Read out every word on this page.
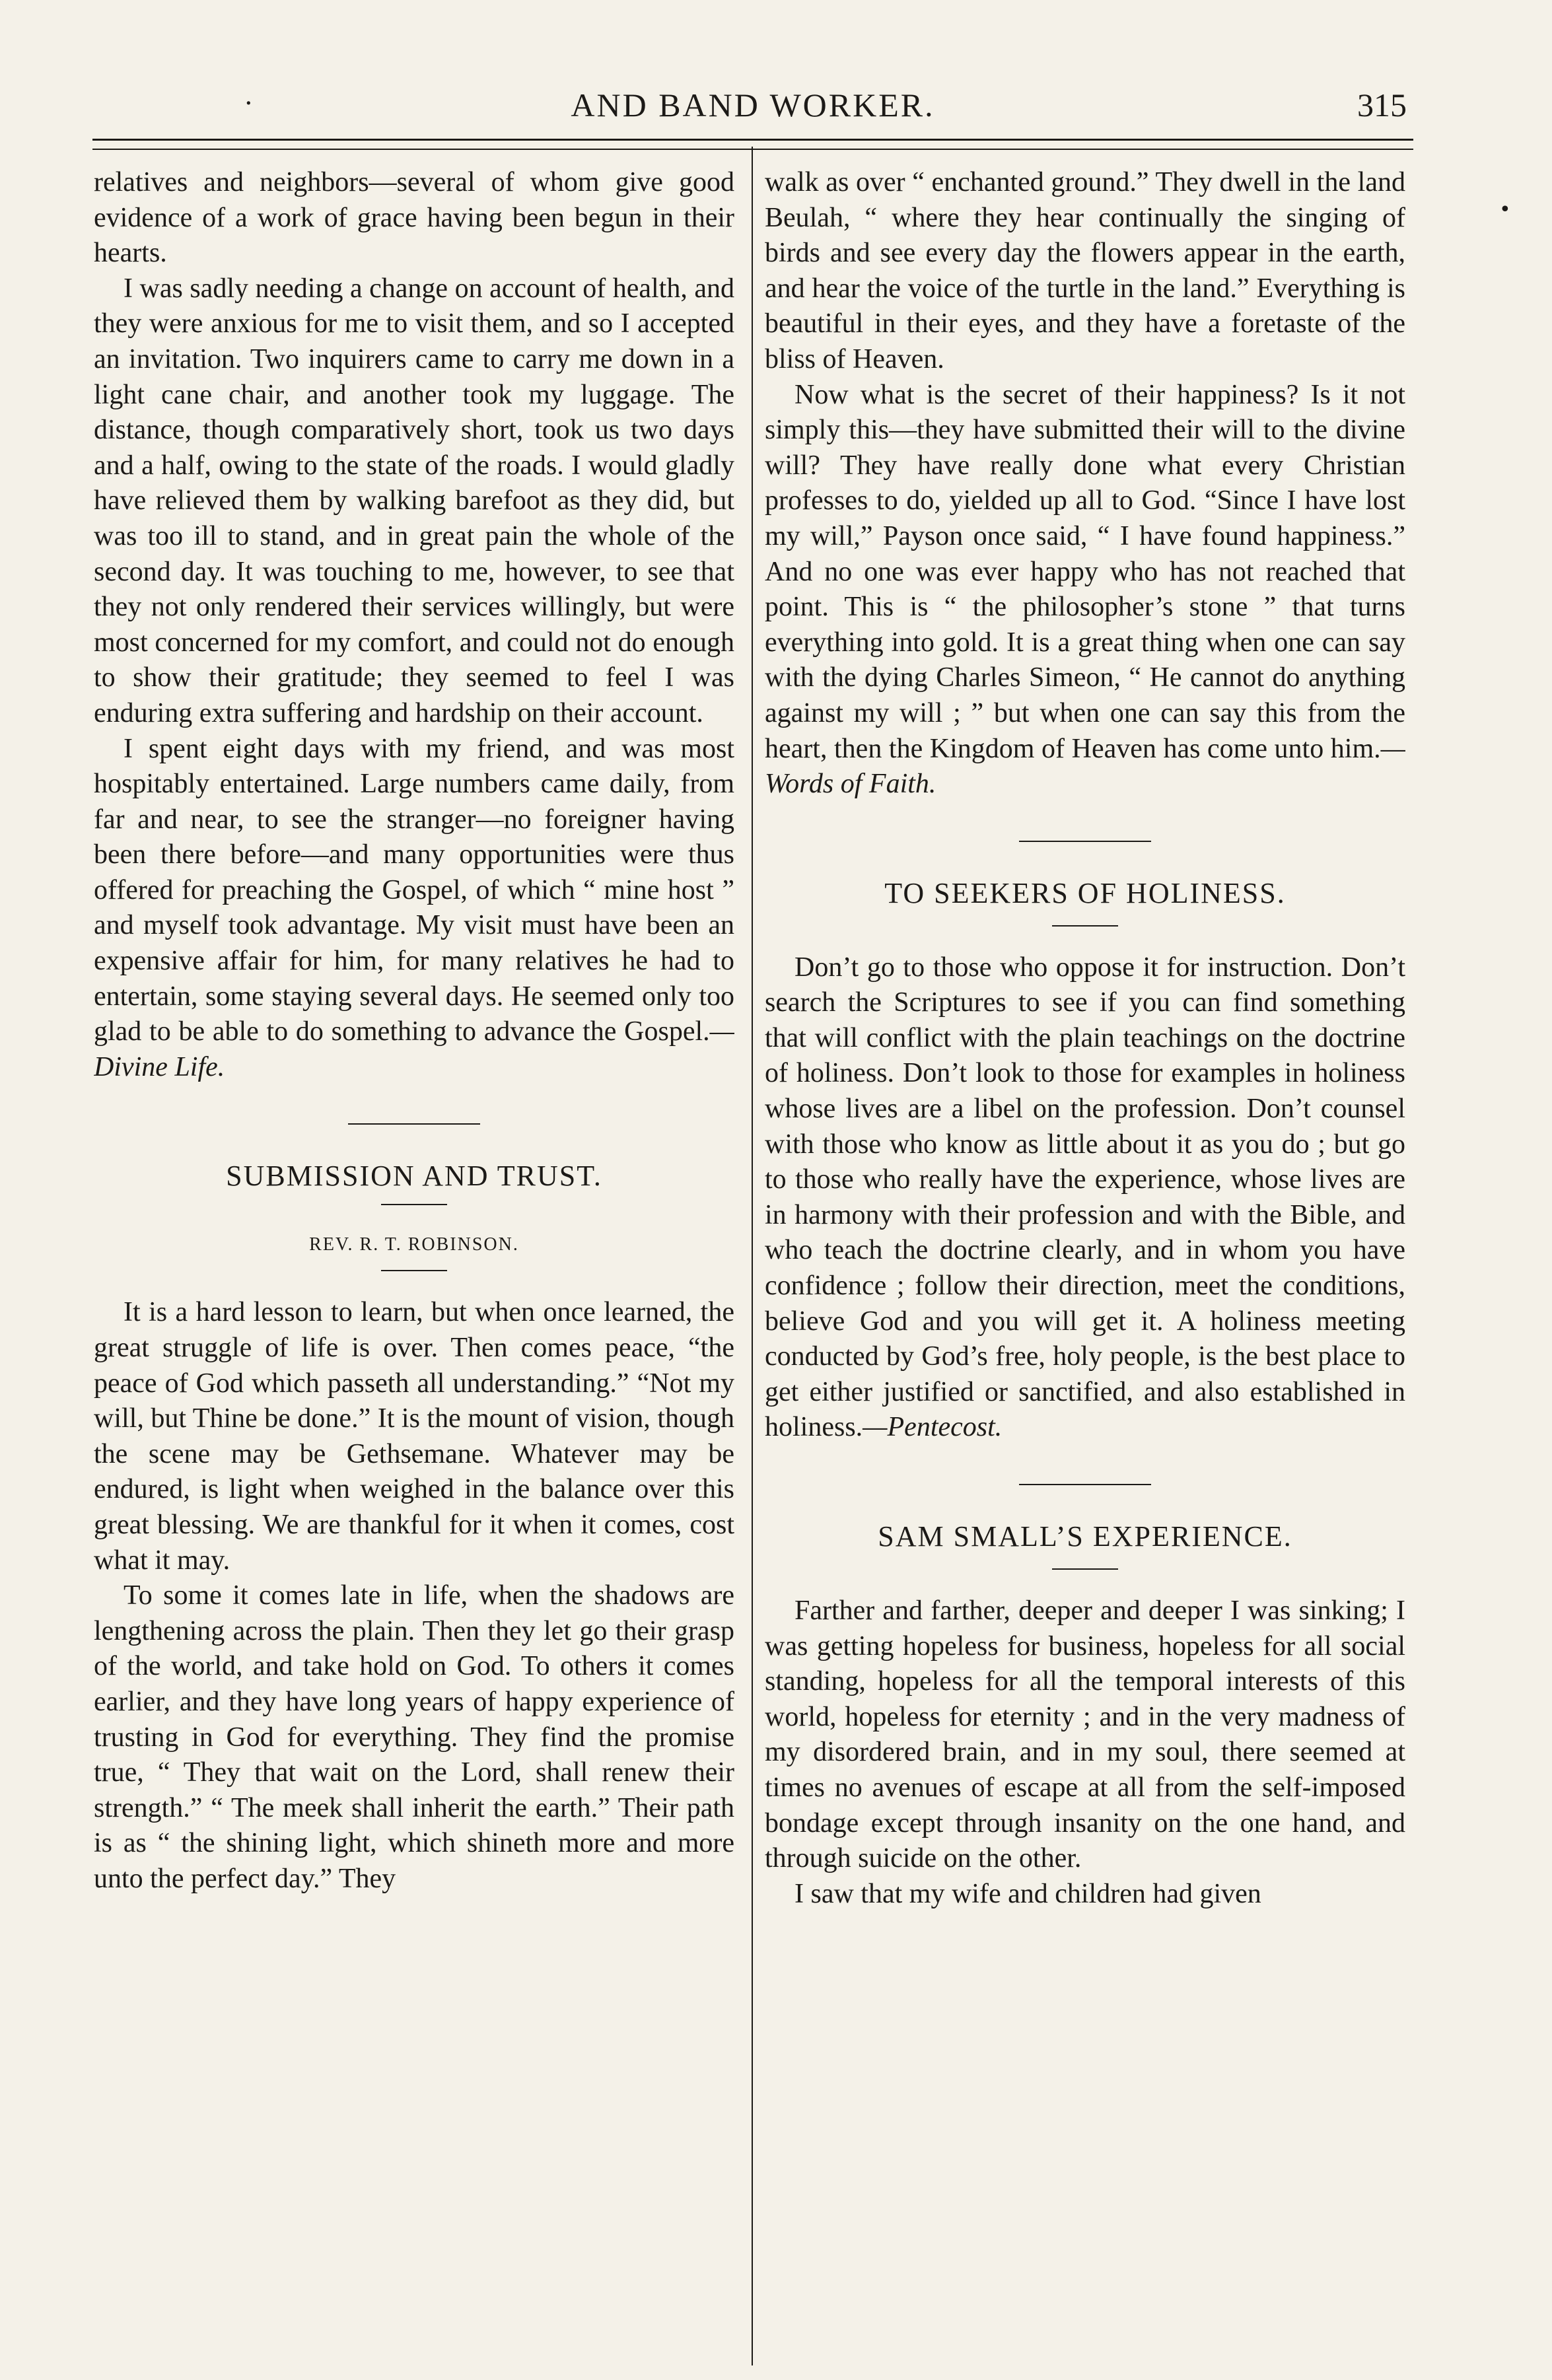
·	AND BAND WORKER.	315
•

relatives and neighbors—several of whom give good evidence of a work of grace having been begun in their hearts.

I was sadly needing a change on account of health, and they were anxious for me to visit them, and so I accepted an invitation. Two inquirers came to carry me down in a light cane chair, and another took my luggage. The distance, though comparatively short, took us two days and a half, owing to the state of the roads. I would gladly have relieved them by walking barefoot as they did, but was too ill to stand, and in great pain the whole of the second day. It was touching to me, however, to see that they not only rendered their services willingly, but were most concerned for my comfort, and could not do enough to show their gratitude; they seemed to feel I was enduring extra suffering and hardship on their account.

I spent eight days with my friend, and was most hospitably entertained. Large numbers came daily, from far and near, to see the stranger—no foreigner having been there before—and many opportunities were thus offered for preaching the Gospel, of which “ mine host ” and myself took advantage. My visit must have been an expensive affair for him, for many relatives he had to entertain, some staying several days. He seemed only too glad to be able to do something to advance the Gospel.—Divine Life.

SUBMISSION AND TRUST.
REV. R. T. ROBINSON.

It is a hard lesson to learn, but when once learned, the great struggle of life is over. Then comes peace, “the peace of God which passeth all understanding.” “Not my will, but Thine be done.” It is the mount of vision, though the scene may be Gethsemane. Whatever may be endured, is light when weighed in the balance over this great blessing. We are thankful for it when it comes, cost what it may.

To some it comes late in life, when the shadows are lengthening across the plain. Then they let go their grasp of the world, and take hold on God. To others it comes earlier, and they have long years of happy experience of trusting in God for everything. They find the promise true, “ They that wait on the Lord, shall renew their strength.” “ The meek shall inherit the earth.” Their path is as “ the shining light, which shineth more and more unto the perfect day.” They

walk as over “ enchanted ground.” They dwell in the land Beulah, “ where they hear continually the singing of birds and see every day the flowers appear in the earth, and hear the voice of the turtle in the land.” Everything is beautiful in their eyes, and they have a foretaste of the bliss of Heaven.

Now what is the secret of their happiness? Is it not simply this—they have submitted their will to the divine will? They have really done what every Christian professes to do, yielded up all to God. “Since I have lost my will,” Payson once said, “ I have found happiness.” And no one was ever happy who has not reached that point. This is “ the philosopher’s stone ” that turns everything into gold. It is a great thing when one can say with the dying Charles Simeon, “ He cannot do anything against my will ; ” but when one can say this from the heart, then the Kingdom of Heaven has come unto him.—Words of Faith.

TO SEEKERS OF HOLINESS.

Don’t go to those who oppose it for instruction. Don’t search the Scriptures to see if you can find something that will conflict with the plain teachings on the doctrine of holiness. Don’t look to those for examples in holiness whose lives are a libel on the profession. Don’t counsel with those who know as little about it as you do ; but go to those who really have the experience, whose lives are in harmony with their profession and with the Bible, and who teach the doctrine clearly, and in whom you have confidence ; follow their direction, meet the conditions, believe God and you will get it. A holiness meeting conducted by God’s free, holy people, is the best place to get either justified or sanctified, and also established in holiness.—Pentecost.

SAM SMALL’S EXPERIENCE.

Farther and farther, deeper and deeper I was sinking; I was getting hopeless for business, hopeless for all social standing, hopeless for all the temporal interests of this world, hopeless for eternity ; and in the very madness of my disordered brain, and in my soul, there seemed at times no avenues of escape at all from the self-imposed bondage except through insanity on the one hand, and through suicide on the other.

I saw that my wife and children had given
